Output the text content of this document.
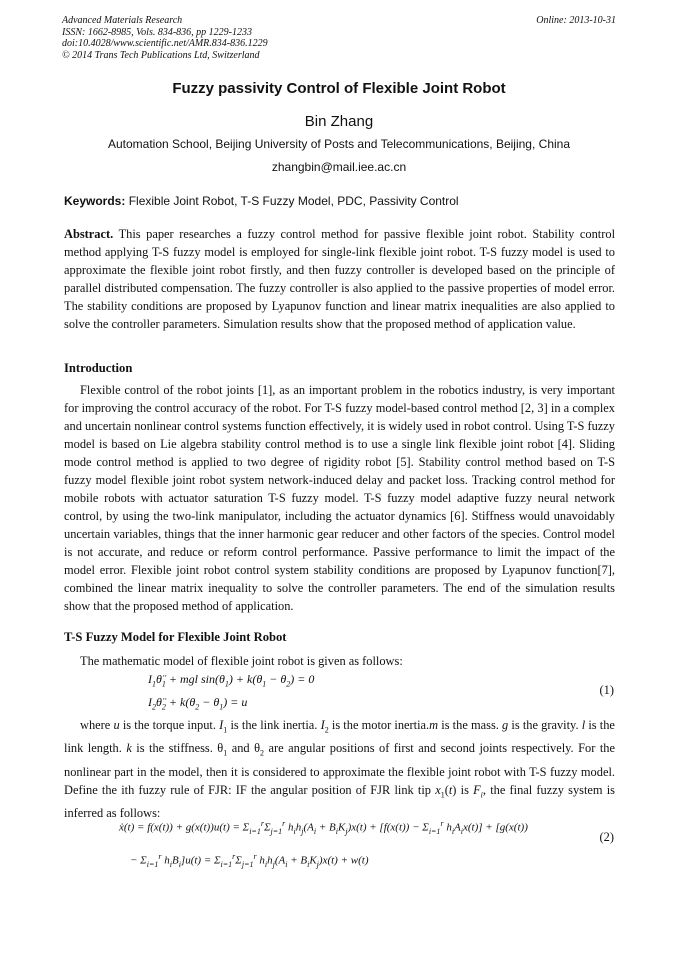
Advanced Materials Research
ISSN: 1662-8985, Vols. 834-836, pp 1229-1233
doi:10.4028/www.scientific.net/AMR.834-836.1229
© 2014 Trans Tech Publications Ltd, Switzerland
Online: 2013-10-31
Fuzzy passivity Control of Flexible Joint Robot
Bin Zhang
Automation School, Beijing University of Posts and Telecommunications, Beijing, China
zhangbin@mail.iee.ac.cn
Keywords: Flexible Joint Robot, T-S Fuzzy Model, PDC, Passivity Control
Abstract. This paper researches a fuzzy control method for passive flexible joint robot. Stability control method applying T-S fuzzy model is employed for single-link flexible joint robot. T-S fuzzy model is used to approximate the flexible joint robot firstly, and then fuzzy controller is developed based on the principle of parallel distributed compensation. The fuzzy controller is also applied to the passive properties of model error. The stability conditions are proposed by Lyapunov function and linear matrix inequalities are also applied to solve the controller parameters. Simulation results show that the proposed method of application value.
Introduction
Flexible control of the robot joints [1], as an important problem in the robotics industry, is very important for improving the control accuracy of the robot. For T-S fuzzy model-based control method [2, 3] in a complex and uncertain nonlinear control systems function effectively, it is widely used in robot control. Using T-S fuzzy model is based on Lie algebra stability control method is to use a single link flexible joint robot [4]. Sliding mode control method is applied to two degree of rigidity robot [5]. Stability control method based on T-S fuzzy model flexible joint robot system network-induced delay and packet loss. Tracking control method for mobile robots with actuator saturation T-S fuzzy model. T-S fuzzy model adaptive fuzzy neural network control, by using the two-link manipulator, including the actuator dynamics [6]. Stiffness would unavoidably uncertain variables, things that the inner harmonic gear reducer and other factors of the species. Control model is not accurate, and reduce or reform control performance. Passive performance to limit the impact of the model error. Flexible joint robot control system stability conditions are proposed by Lyapunov function[7], combined the linear matrix inequality to solve the controller parameters. The end of the simulation results show that the proposed method of application.
T-S Fuzzy Model for Flexible Joint Robot
The mathematic model of flexible joint robot is given as follows:
$I_1\thetä_1$ + mgl $\sin(\theta_1) + k(\theta_1 - \theta_2) = 0$
$I_2\thetä_2 + k(\theta_2 - \theta_1) = u$
(1)
where u is the torque input. $I_1$ is the link inertia. $I_2$ is the motor inertia.m is the mass. g is the gravity. l is the link length. k is the stiffness. $\theta_1$ and $\theta_2$ are angular positions of first and second joints respectively. For the nonlinear part in the model, then it is considered to approximate the flexible joint robot with T-S fuzzy model. Define the ith fuzzy rule of FJR: IF the angular position of FJR link tip $x_1(t)$ is $F_i$, the final fuzzy system is inferred as follows:
ẋ(t) = $f(x(t)) + g(x(t))u(t) = \Sigma_{i=1}^r\Sigma_{j=1}^r$ $h_ih_j(A_i + B_iK_j)x(t) + [f(x(t)) - \Sigma_{i=1}^r$ $h_iA_ix(t)] + [g(x(t))$
− $\Sigma_{i=1}^r$ $h_iB_i]u(t) = \Sigma_{i=1}^r\Sigma_{j=1}^r$ $h_ih_j(A_i + B_iK_j)x(t) + w(t)$
(2)
